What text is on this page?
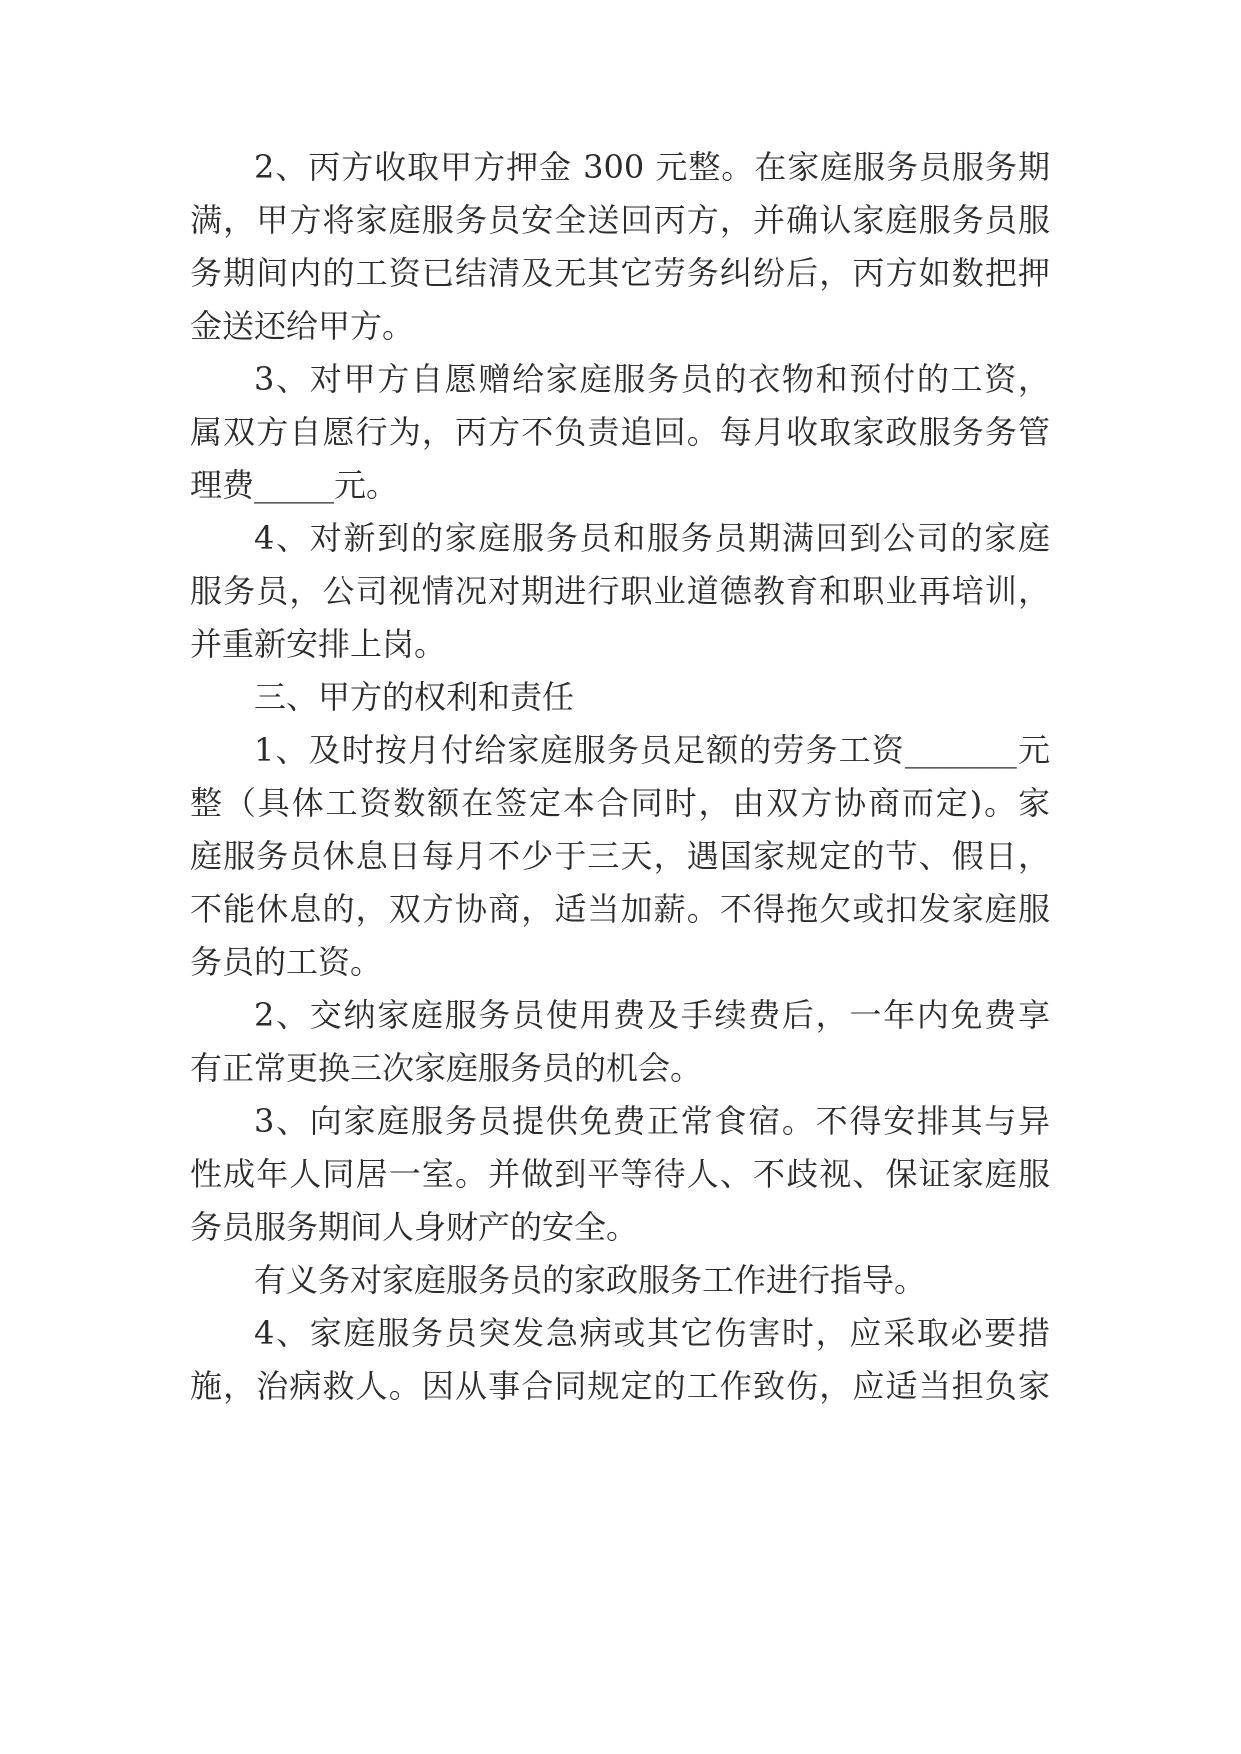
2、丙方收取甲方押金 300 元整。在家庭服务员服务期
满，甲方将家庭服务员安全送回丙方，并确认家庭服务员服
务期间内的工资已结清及无其它劳务纠纷后，丙方如数把押
金送还给甲方。
3、对甲方自愿赠给家庭服务员的衣物和预付的工资，
属双方自愿行为，丙方不负责追回。每月收取家政服务务管
理费_____元。
4、对新到的家庭服务员和服务员期满回到公司的家庭
服务员，公司视情况对期进行职业道德教育和职业再培训，
并重新安排上岗。
三、甲方的权利和责任
1、及时按月付给家庭服务员足额的劳务工资_______元
整（具体工资数额在签定本合同时，由双方协商而定)。家
庭服务员休息日每月不少于三天，遇国家规定的节、假日，
不能休息的，双方协商，适当加薪。不得拖欠或扣发家庭服
务员的工资。
2、交纳家庭服务员使用费及手续费后，一年内免费享
有正常更换三次家庭服务员的机会。
3、向家庭服务员提供免费正常食宿。不得安排其与异
性成年人同居一室。并做到平等待人、不歧视、保证家庭服
务员服务期间人身财产的安全。
有义务对家庭服务员的家政服务工作进行指导。
4、家庭服务员突发急病或其它伤害时，应采取必要措
施，治病救人。因从事合同规定的工作致伤，应适当担负家
